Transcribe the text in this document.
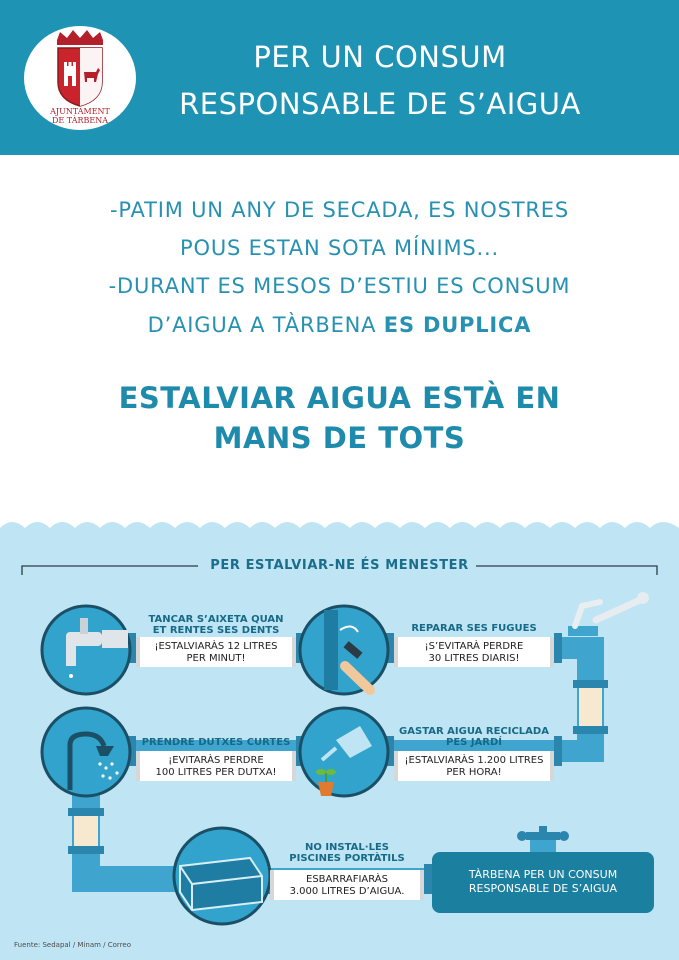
AJUNTAMENT
DE TÀRBENA
PER UN CONSUM
RESPONSABLE DE S’AIGUA
-PATIM UN ANY DE SECADA, ES NOSTRES
POUS ESTAN SOTA MÍNIMS...
-DURANT ES MESOS D’ESTIU ES CONSUM
D’AIGUA A TÀRBENA ES DUPLICA
ESTALVIAR AIGUA ESTÀ EN
MANS DE TOTS
PER ESTALVIAR-NE ÉS MENESTER
TANCAR S’AIXETA QUAN
ET RENTES SES DENTS
¡ESTALVIARÀS 12 LITRES
PER MINUT!
REPARAR SES FUGUES
¡S’EVITARÀ PERDRE
30 LITRES DIARIS!
PRENDRE DUTXES CURTES
¡EVITARÀS PERDRE
100 LITRES PER DUTXA!
GASTAR AIGUA RECICLADA
PES JARDÍ
¡ESTALVIARÀS 1.200 LITRES
PER HORA!
NO INSTAL·LES
PISCINES PORTÀTILS
ESBARRAFIARÀS
3.000 LITRES D’AIGUA.
TÀRBENA PER UN CONSUM
RESPONSABLE DE S’AIGUA
Fuente: Sedapal / Minam / Correo
